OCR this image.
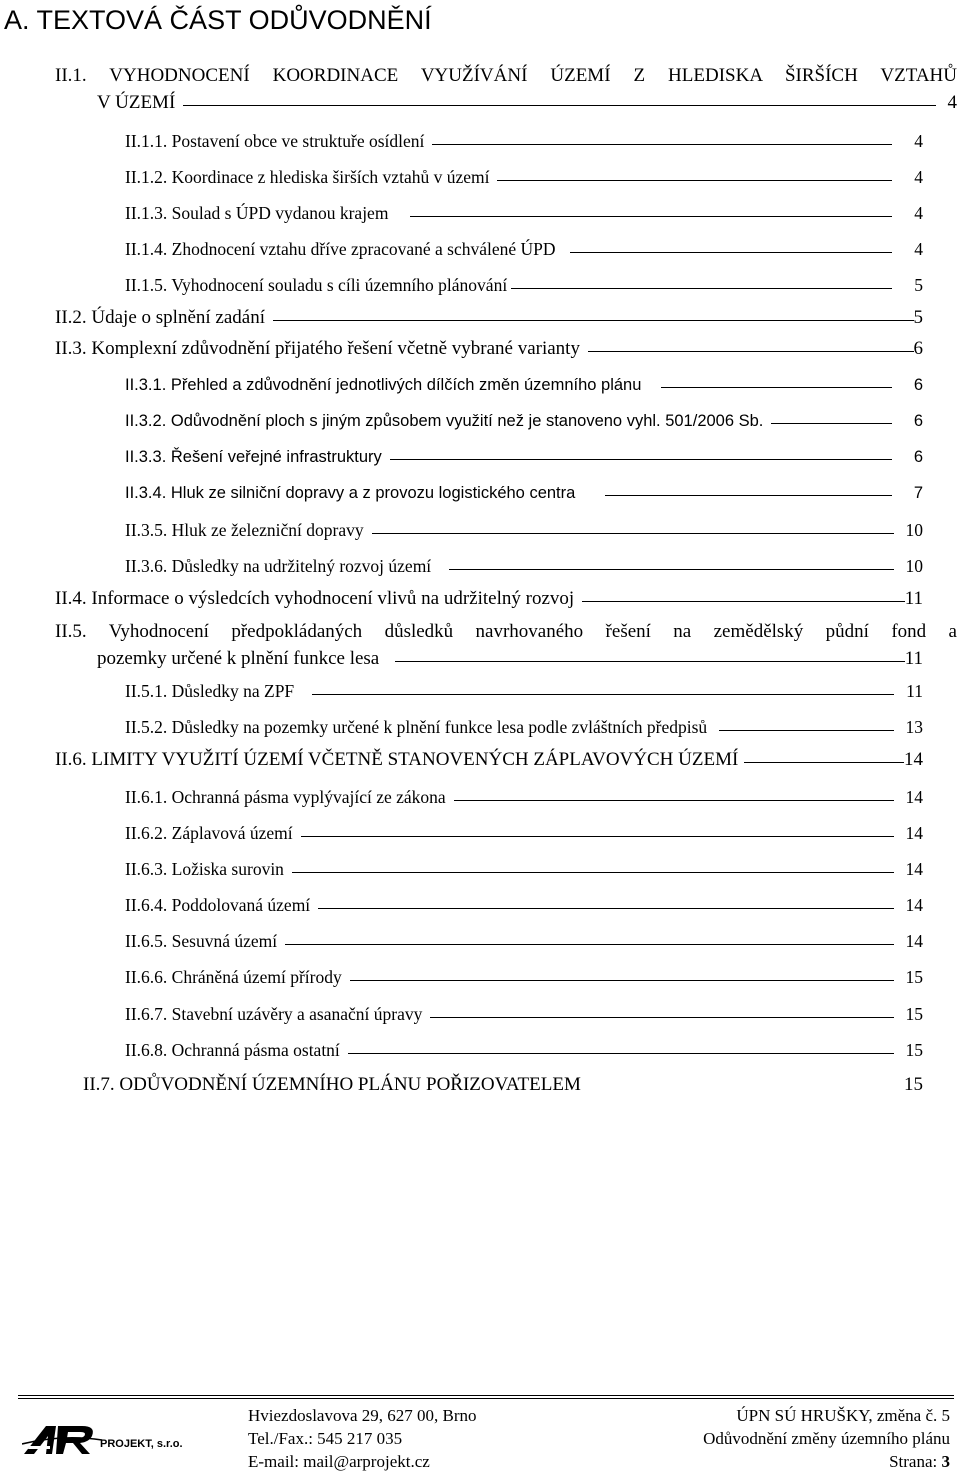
A. TEXTOVÁ ČÁST ODŮVODNĚNÍ
II.1. VYHODNOCENÍ KOORDINACE VYUŽÍVÁNÍ ÚZEMÍ Z HLEDISKA ŠIRŠÍCH VZTAHŮ
V ÚZEMÍ	4
II.1.1. Postavení obce ve struktuře osídlení	4
II.1.2. Koordinace z hlediska širších vztahů v území	4
II.1.3. Soulad s ÚPD vydanou krajem	4
II.1.4. Zhodnocení vztahu dříve zpracované a schválené ÚPD	4
II.1.5. Vyhodnocení souladu s cíli územního plánování	5
II.2. Údaje o splnění zadání	5
II.3. Komplexní zdůvodnění přijatého řešení včetně vybrané varianty	6
II.3.1. Přehled a zdůvodnění jednotlivých dílčích změn územního plánu	6
II.3.2. Odůvodnění ploch s jiným způsobem využití než je stanoveno vyhl. 501/2006 Sb.	6
II.3.3. Řešení veřejné infrastruktury	6
II.3.4. Hluk ze silniční dopravy a z provozu logistického centra	7
II.3.5. Hluk ze železniční dopravy	10
II.3.6. Důsledky na udržitelný rozvoj území	10
II.4. Informace o výsledcích vyhodnocení vlivů na udržitelný rozvoj	11
II.5. Vyhodnocení předpokládaných důsledků navrhovaného řešení na zemědělský půdní fond a
pozemky určené k plnění funkce lesa	11
II.5.1. Důsledky na ZPF	11
II.5.2. Důsledky na pozemky určené k plnění funkce lesa podle zvláštních předpisů	13
II.6. LIMITY VYUŽITÍ ÚZEMÍ VČETNĚ STANOVENÝCH ZÁPLAVOVÝCH ÚZEMÍ	14
II.6.1. Ochranná pásma vyplývající ze zákona	14
II.6.2. Záplavová území	14
II.6.3. Ložiska surovin	14
II.6.4. Poddolovaná území	14
II.6.5. Sesuvná území	14
II.6.6. Chráněná území přírody	15
II.6.7. Stavební uzávěry a asanační úpravy	15
II.6.8. Ochranná pásma ostatní	15
II.7. ODŮVODNĚNÍ ÚZEMNÍHO PLÁNU POŘIZOVATELEM	15
PROJEKT, s.r.o.
Hviezdoslavova 29, 627 00, Brno
Tel./Fax.: 545 217 035
E-mail: mail@arprojekt.cz
ÚPN SÚ HRUŠKY, změna č. 5
Odůvodnění změny územního plánu
Strana: 3
